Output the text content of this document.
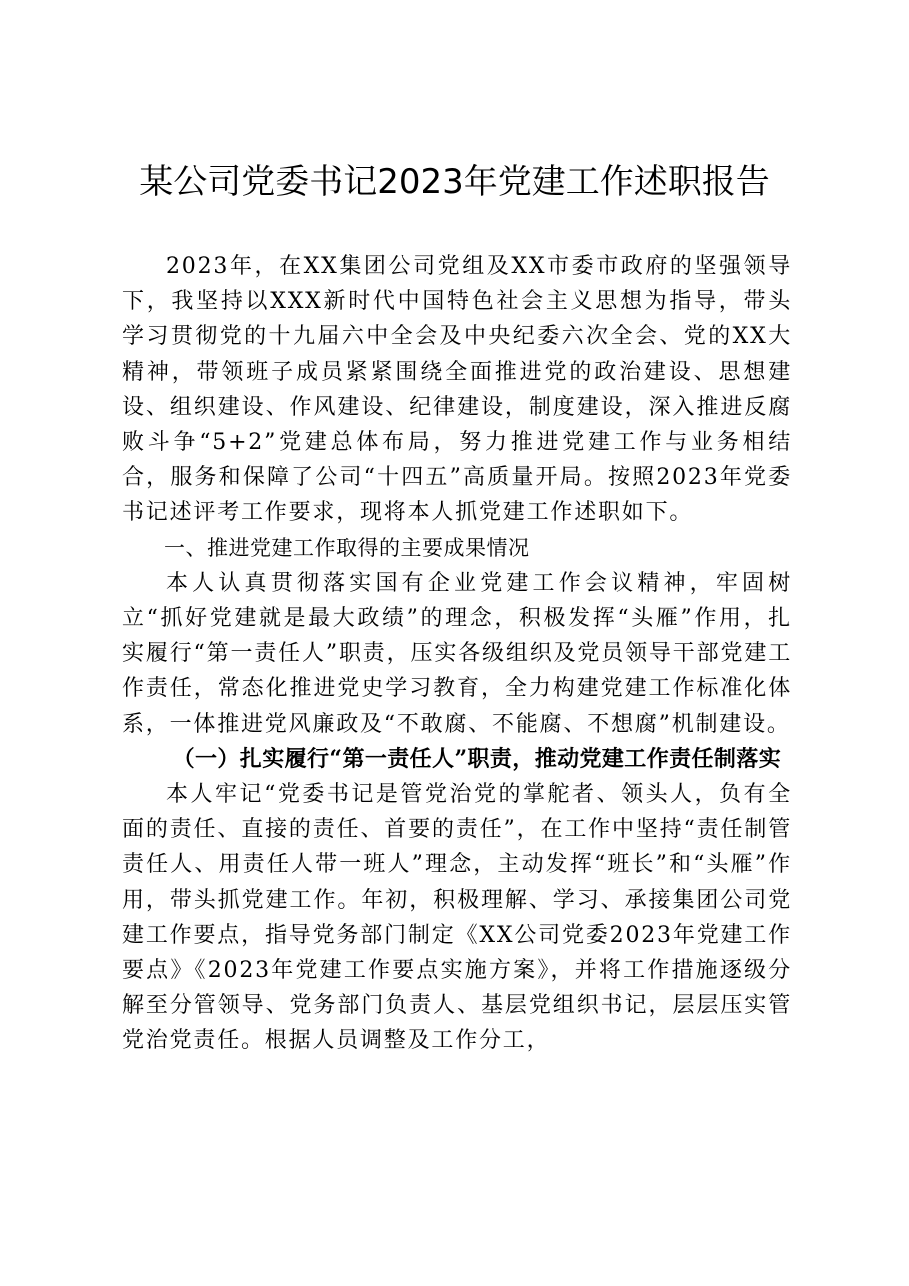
某公司党委书记2023年党建工作述职报告

2023年，在XX集团公司党组及XX市委市政府的坚强领导下，我坚持以XXX新时代中国特色社会主义思想为指导，带头学习贯彻党的十九届六中全会及中央纪委六次全会、党的XX大精神，带领班子成员紧紧围绕全面推进党的政治建设、思想建设、组织建设、作风建设、纪律建设，制度建设，深入推进反腐败斗争“5+2”党建总体布局，努力推进党建工作与业务相结合，服务和保障了公司“十四五”高质量开局。按照2023年党委书记述评考工作要求，现将本人抓党建工作述职如下。

一、推进党建工作取得的主要成果情况

本人认真贯彻落实国有企业党建工作会议精神，牢固树立“抓好党建就是最大政绩”的理念，积极发挥“头雁”作用，扎实履行“第一责任人”职责，压实各级组织及党员领导干部党建工作责任，常态化推进党史学习教育，全力构建党建工作标准化体系，一体推进党风廉政及“不敢腐、不能腐、不想腐”机制建设。

（一）扎实履行“第一责任人”职责，推动党建工作责任制落实

本人牢记“党委书记是管党治党的掌舵者、领头人，负有全面的责任、直接的责任、首要的责任”，在工作中坚持“责任制管责任人、用责任人带一班人”理念，主动发挥“班长”和“头雁”作用，带头抓党建工作。年初，积极理解、学习、承接集团公司党建工作要点，指导党务部门制定《XX公司党委2023年党建工作要点》《2023年党建工作要点实施方案》，并将工作措施逐级分解至分管领导、党务部门负责人、基层党组织书记，层层压实管党治党责任。根据人员调整及工作分工，
